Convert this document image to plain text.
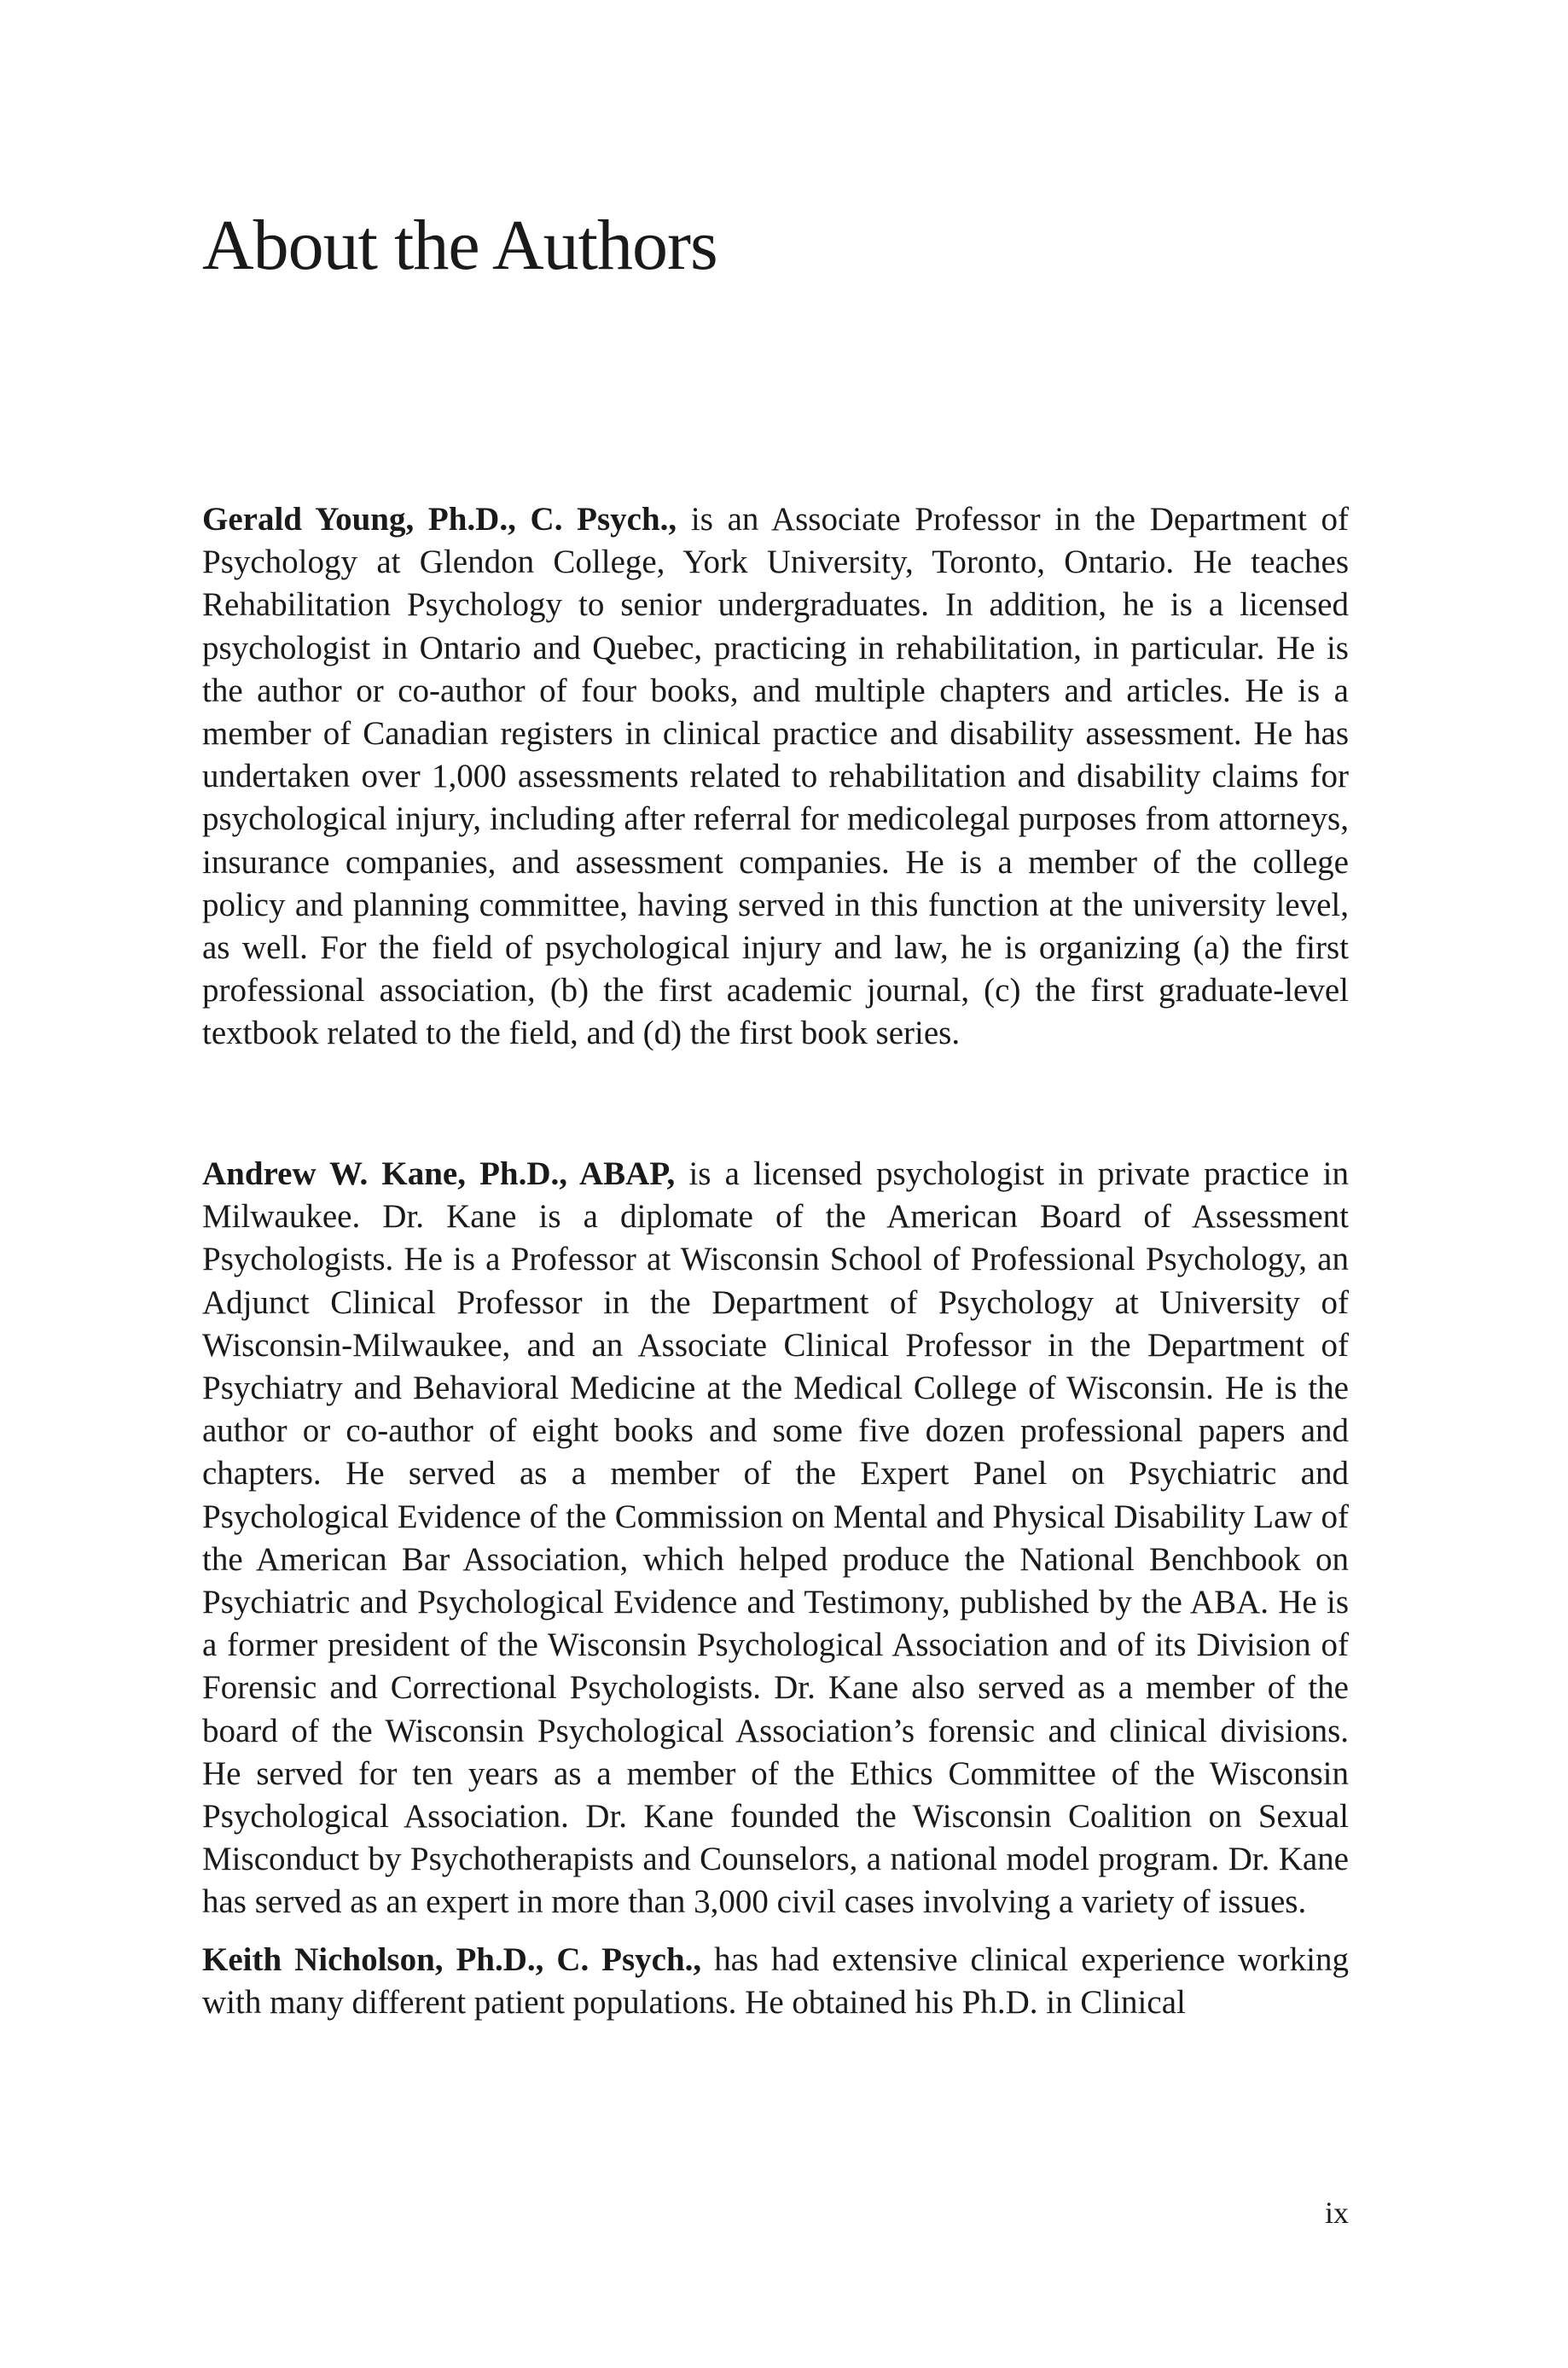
About the Authors

Gerald Young, Ph.D., C. Psych., is an Associate Professor in the Department of Psychology at Glendon College, York University, Toronto, Ontario. He teaches Rehabilitation Psychology to senior undergraduates. In addition, he is a licensed psychologist in Ontario and Quebec, practicing in rehabilitation, in particular. He is the author or co-author of four books, and multiple chapters and articles. He is a member of Canadian registers in clinical practice and disability assessment. He has undertaken over 1,000 assessments related to rehabilitation and disability claims for psychological injury, including after referral for medicolegal purposes from attorneys, insurance companies, and assessment companies. He is a member of the college policy and planning committee, having served in this function at the university level, as well. For the field of psychological injury and law, he is organizing (a) the first professional association, (b) the first academic journal, (c) the first graduate-level textbook related to the field, and (d) the first book series.

Andrew W. Kane, Ph.D., ABAP, is a licensed psychologist in private practice in Milwaukee. Dr. Kane is a diplomate of the American Board of Assessment Psychologists. He is a Professor at Wisconsin School of Professional Psychology, an Adjunct Clinical Professor in the Department of Psychology at University of Wisconsin-Milwaukee, and an Associate Clinical Professor in the Department of Psychiatry and Behavioral Medicine at the Medical College of Wisconsin. He is the author or co-author of eight books and some five dozen professional papers and chapters. He served as a member of the Expert Panel on Psychiatric and Psychological Evidence of the Commission on Mental and Physical Disability Law of the American Bar Association, which helped produce the National Benchbook on Psychiatric and Psychological Evidence and Testimony, published by the ABA. He is a former president of the Wisconsin Psychological Association and of its Division of Forensic and Correctional Psychologists. Dr. Kane also served as a member of the board of the Wisconsin Psychological Association’s forensic and clinical divisions. He served for ten years as a member of the Ethics Committee of the Wisconsin Psychological Association. Dr. Kane founded the Wisconsin Coalition on Sexual Misconduct by Psychotherapists and Counselors, a national model program. Dr. Kane has served as an expert in more than 3,000 civil cases involving a variety of issues.

Keith Nicholson, Ph.D., C. Psych., has had extensive clinical experience working with many different patient populations. He obtained his Ph.D. in Clinical

ix
